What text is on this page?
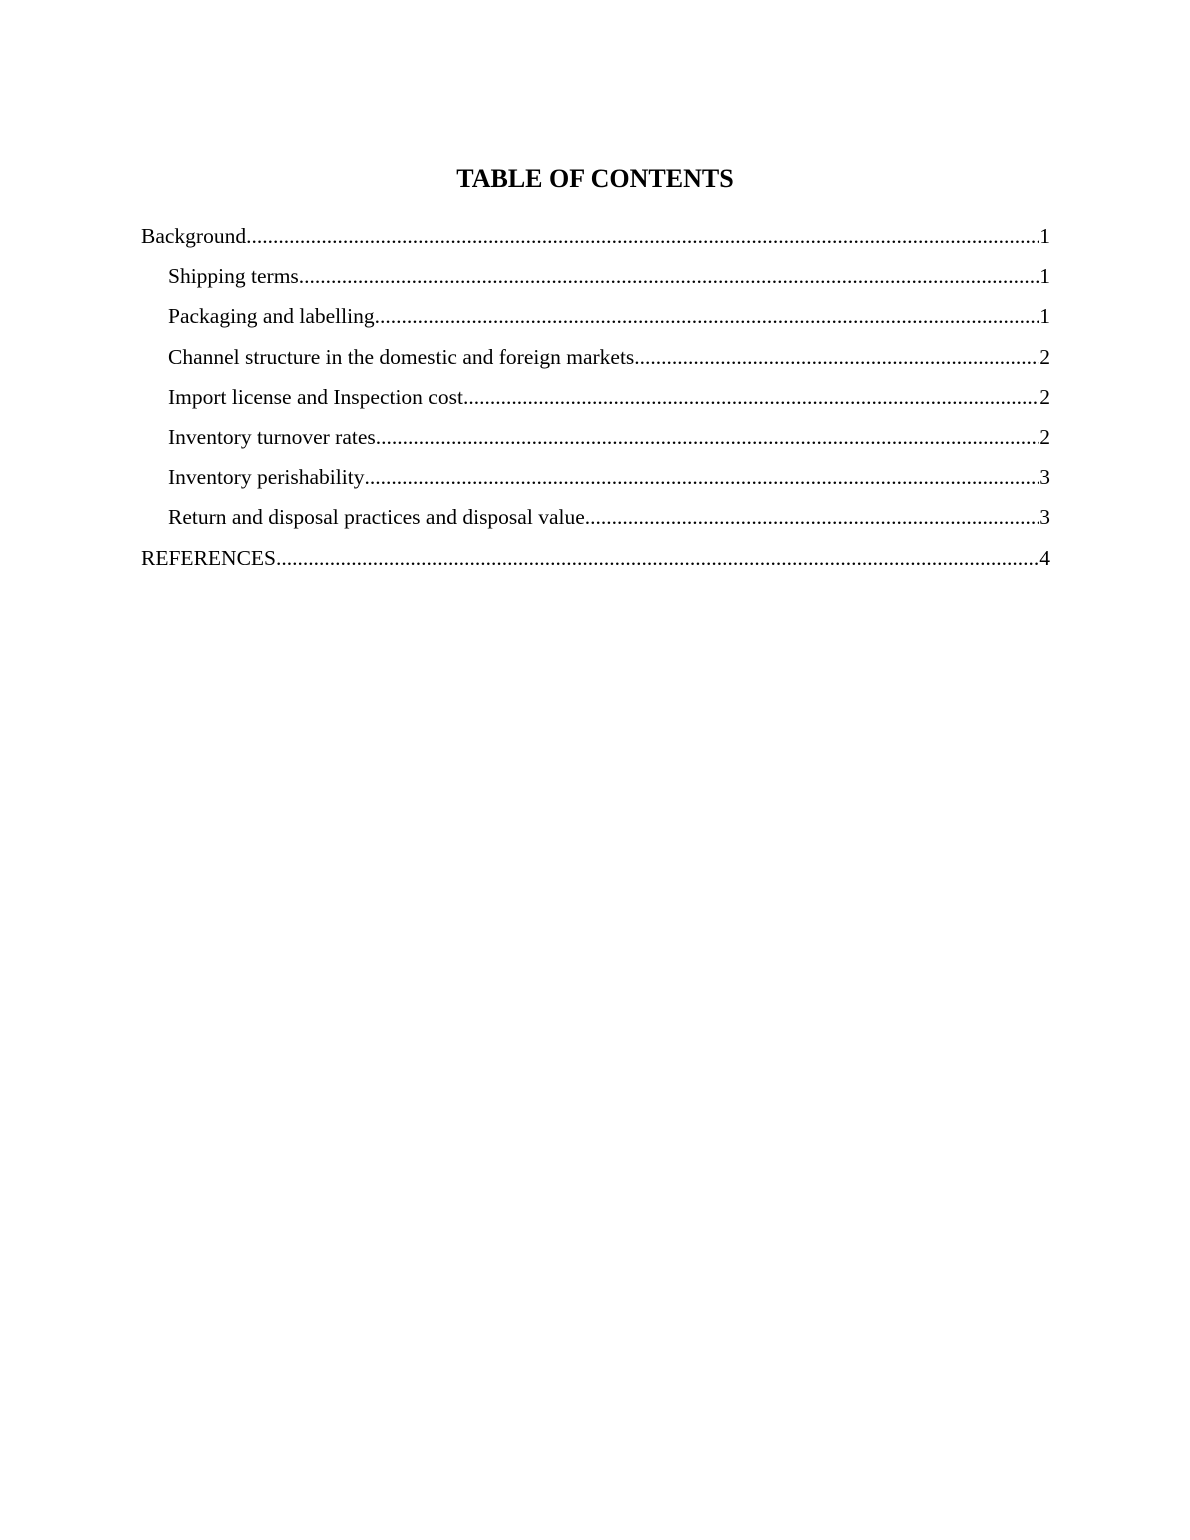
TABLE OF CONTENTS
Background .....	1
Shipping terms .....	1
Packaging and labelling .....	1
Channel structure in the domestic and foreign markets .....	2
Import license and Inspection cost .....	2
Inventory turnover rates .....	2
Inventory perishability .....	3
Return and disposal practices and disposal value .....	3
REFERENCES .....	4
